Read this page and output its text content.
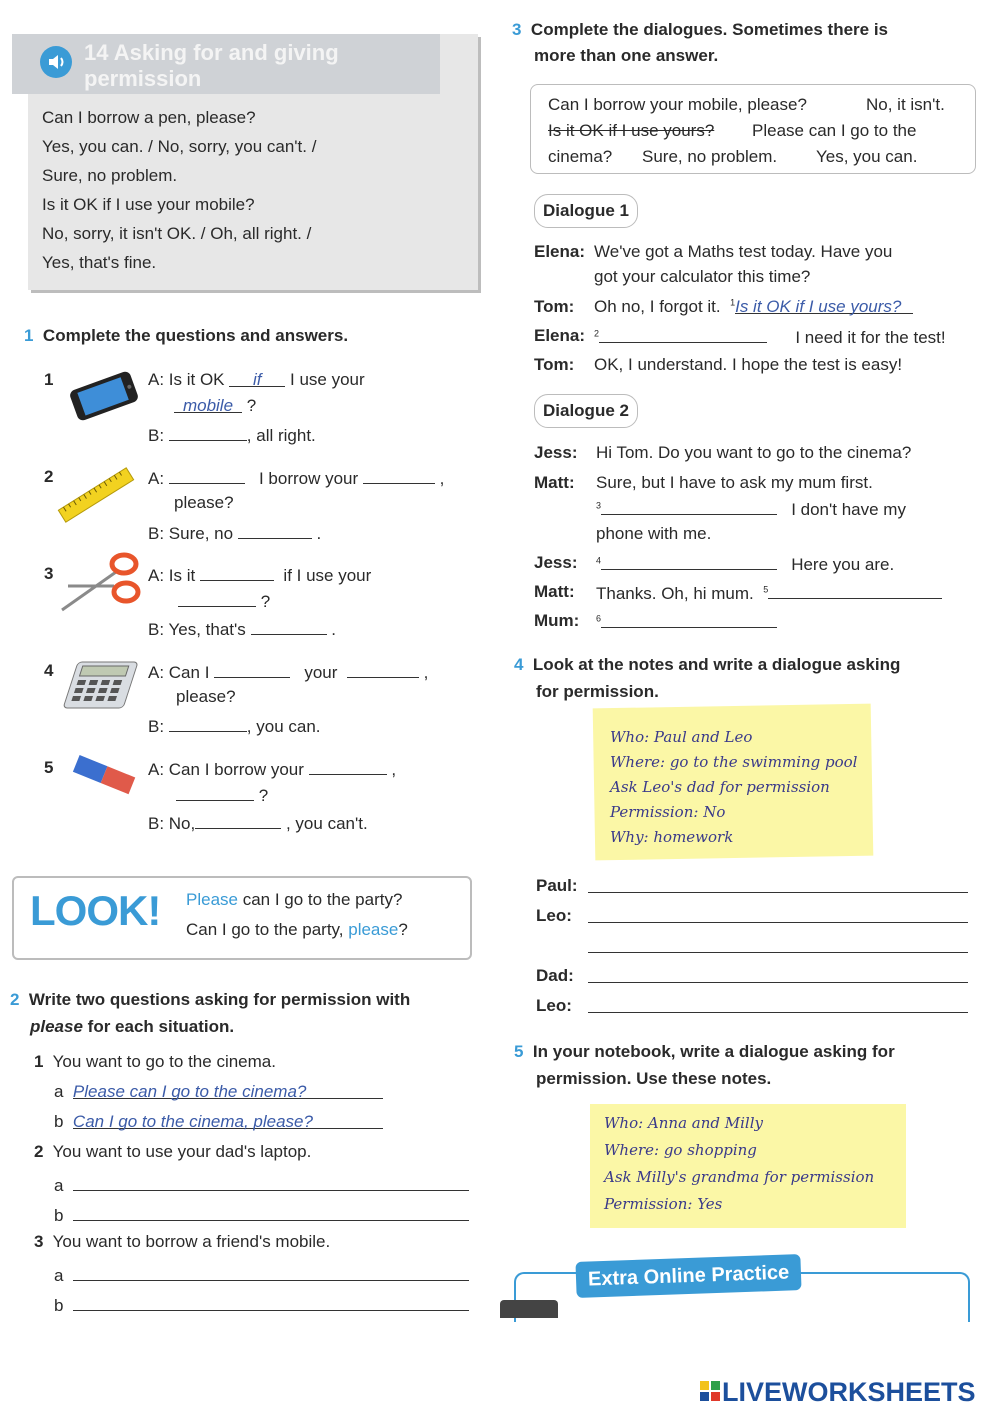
14 Asking for and giving permission
Can I borrow a pen, please?
Yes, you can. / No, sorry, you can't. /
Sure, no problem.
Is it OK if I use your mobile?
No, sorry, it isn't OK. / Oh, all right. /
Yes, that's fine.
1 Complete the questions and answers.
1	A: Is it OK if I use your
mobile ?
B:	, all right.
2	A:	I borrow your	,
please?
B: Sure, no	.
3	A: Is it	if I use your
?
B: Yes, that's	.
4	A: Can I	your	,
please?
B:	, you can.
5	A: Can I borrow your	,
?
B: No,	, you can't.
LOOK! Please can I go to the party?
Can I go to the party, please?
2 Write two questions asking for permission with
please for each situation.
1 You want to go to the cinema.
a Please can I go to the cinema?
b Can I go to the cinema, please?
2 You want to use your dad's laptop.
a
b
3 You want to borrow a friend's mobile.
a
b
3 Complete the dialogues. Sometimes there is
more than one answer.
Can I borrow your mobile, please?	No, it isn't.
Is it OK if I use yours? Please can I go to the
cinema? Sure, no problem. Yes, you can.
Dialogue 1
Elena: We've got a Maths test today. Have you
got your calculator this time?
Tom: Oh no, I forgot it. $^1$Is it OK if I use yours?
Elena: $^2$	I need it for the test!
Tom: OK, I understand. I hope the test is easy!
Dialogue 2
Jess: Hi Tom. Do you want to go to the cinema?
Matt: Sure, but I have to ask my mum first.
$^3$	I don't have my
phone with me.
Jess: $^4$	Here you are.
Matt: Thanks. Oh, hi mum. $^5$
Mum: $^6$
4 Look at the notes and write a dialogue asking
for permission.
Who: Paul and Leo
Where: go to the swimming pool
Ask Leo's dad for permission
Permission: No
Why: homework
Paul:
Leo:
Dad:
Leo:
5 In your notebook, write a dialogue asking for
permission. Use these notes.
Who: Anna and Milly
Where: go shopping
Ask Milly's grandma for permission
Permission: Yes
Extra Online Practice
LIVEWORKSHEETS
